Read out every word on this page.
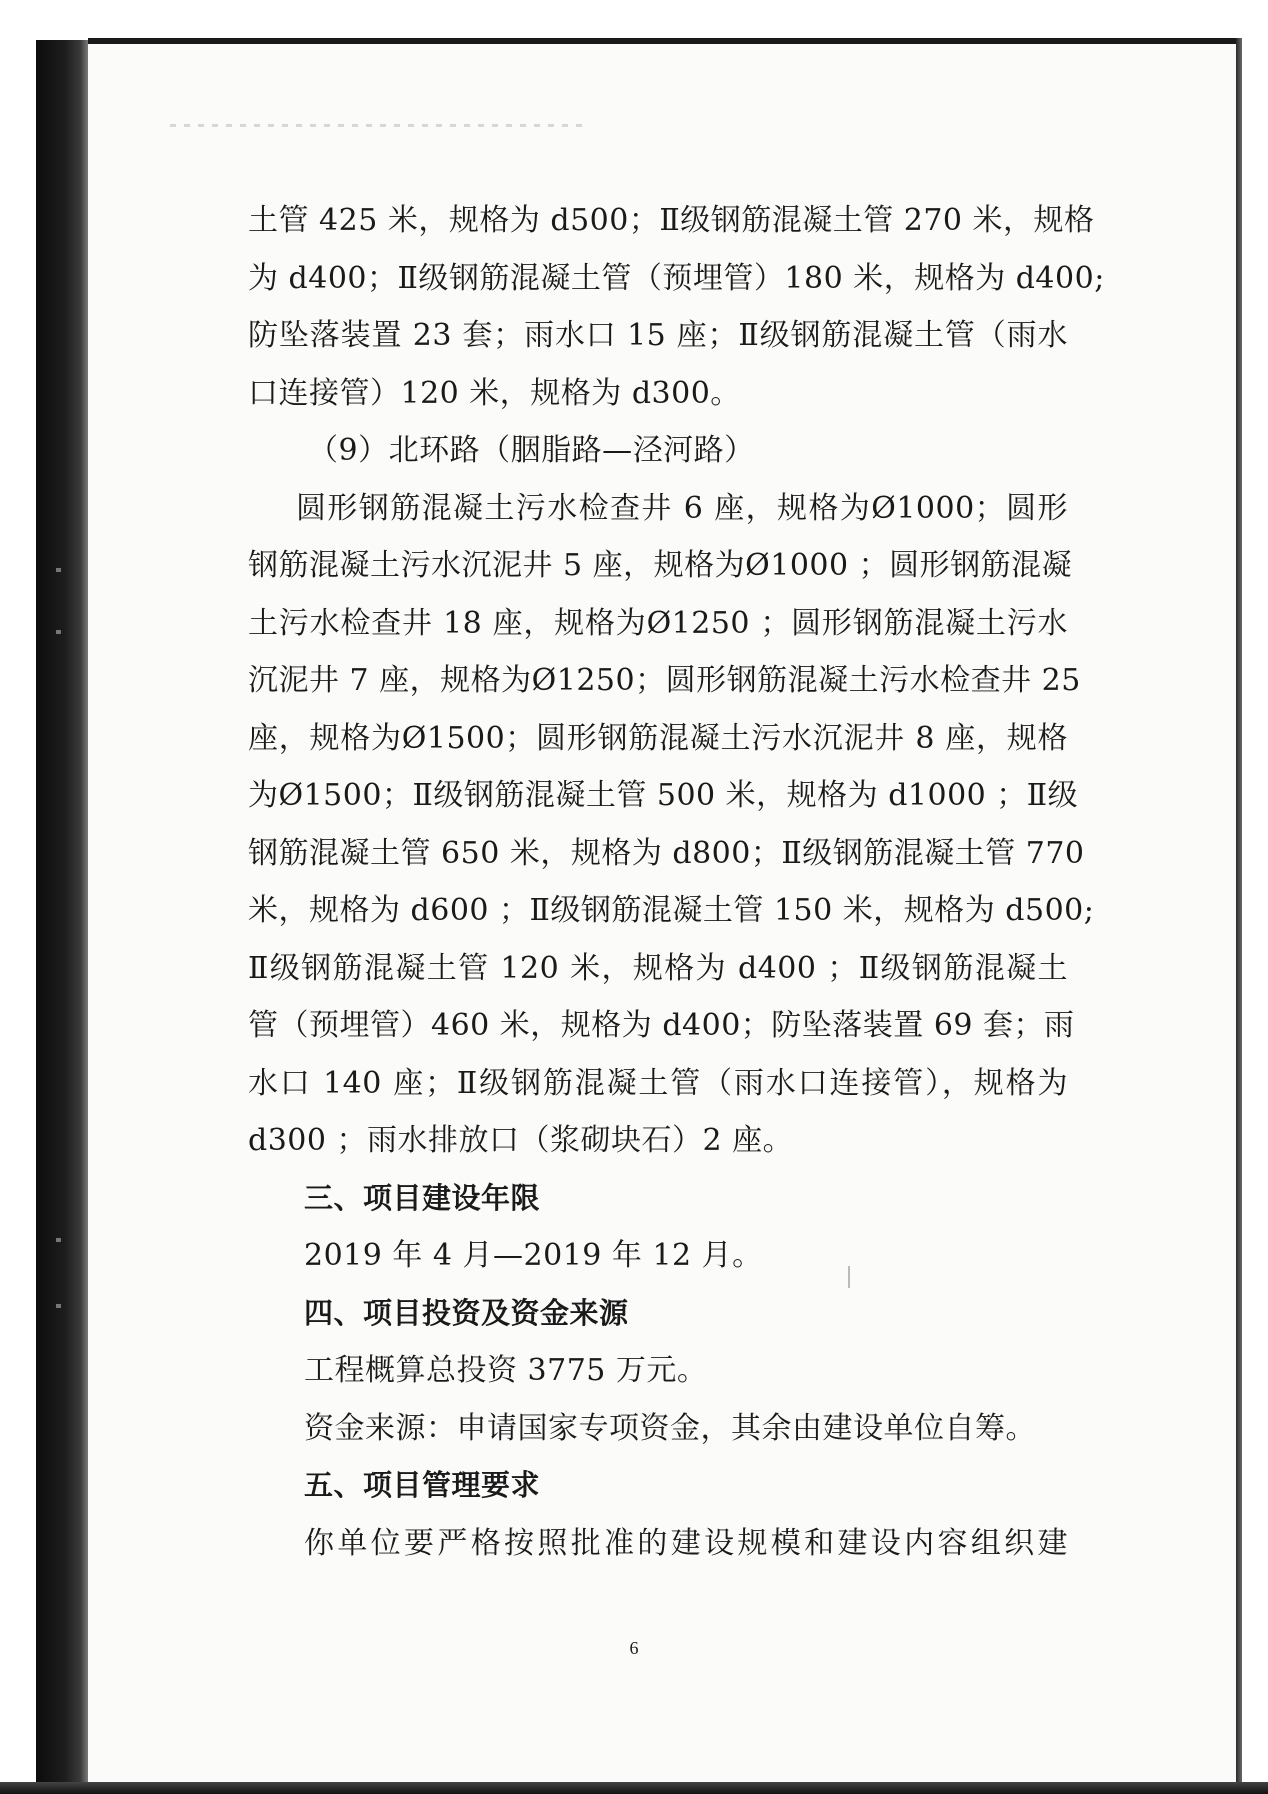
土管 425 米，规格为 d500；Ⅱ级钢筋混凝土管 270 米，规格
为 d400；Ⅱ级钢筋混凝土管（预埋管）180 米，规格为 d400;
防坠落装置 23 套；雨水口 15 座；Ⅱ级钢筋混凝土管（雨水
口连接管）120 米，规格为 d300。
（9）北环路（胭脂路—泾河路）
圆形钢筋混凝土污水检查井 6 座，规格为Ø1000；圆形
钢筋混凝土污水沉泥井 5 座，规格为Ø1000 ；圆形钢筋混凝
土污水检查井 18 座，规格为Ø1250 ；圆形钢筋混凝土污水
沉泥井 7 座，规格为Ø1250；圆形钢筋混凝土污水检查井 25
座，规格为Ø1500；圆形钢筋混凝土污水沉泥井 8 座，规格
为Ø1500；Ⅱ级钢筋混凝土管 500 米，规格为 d1000 ；Ⅱ级
钢筋混凝土管 650 米，规格为 d800；Ⅱ级钢筋混凝土管 770
米，规格为 d600 ；Ⅱ级钢筋混凝土管 150 米，规格为 d500;
Ⅱ级钢筋混凝土管 120 米，规格为 d400 ；Ⅱ级钢筋混凝土
管（预埋管）460 米，规格为 d400；防坠落装置 69 套；雨
水口 140 座；Ⅱ级钢筋混凝土管（雨水口连接管），规格为
d300 ；雨水排放口（浆砌块石）2 座。
三、项目建设年限
2019 年 4 月—2019 年 12 月。
四、项目投资及资金来源
工程概算总投资 3775 万元。
资金来源：申请国家专项资金，其余由建设单位自筹。
五、项目管理要求
你单位要严格按照批准的建设规模和建设内容组织建
6
